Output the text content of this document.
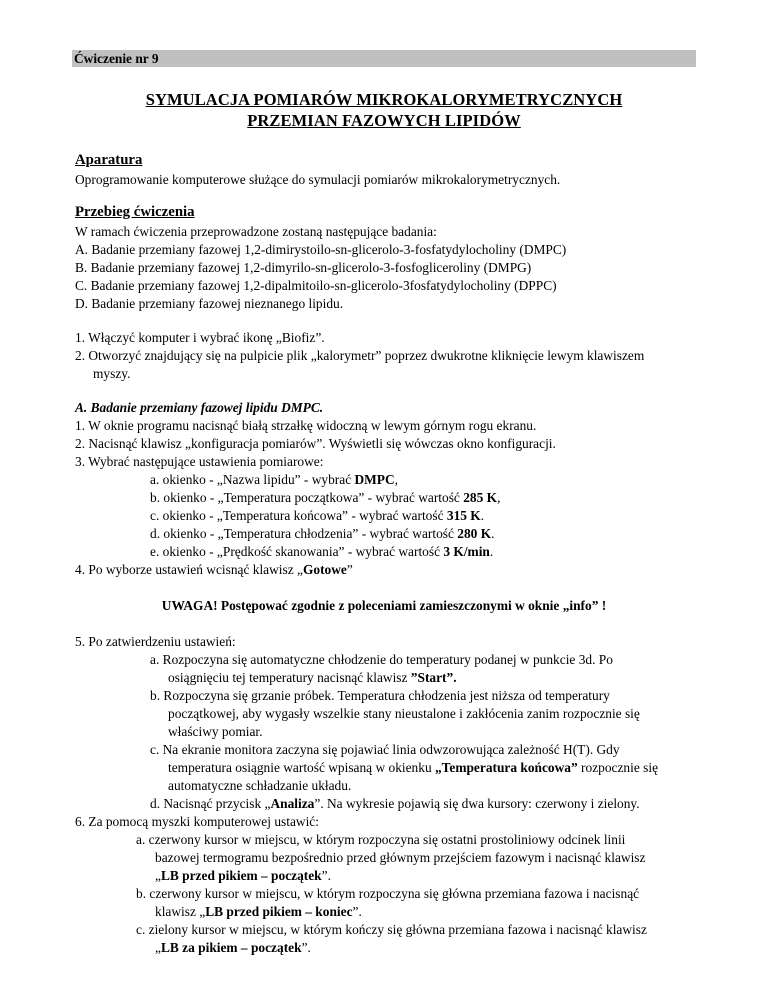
Ćwiczenie nr 9
SYMULACJA POMIARÓW MIKROKALORYMETRYCZNYCH
PRZEMIAN FAZOWYCH LIPIDÓW
Aparatura
Oprogramowanie komputerowe służące do symulacji pomiarów mikrokalorymetrycznych.
Przebieg ćwiczenia
W ramach ćwiczenia przeprowadzone zostaną następujące badania:
A. Badanie przemiany fazowej 1,2-dimirystoilo-sn-glicerolo-3-fosfatydylocholiny (DMPC)
B. Badanie przemiany fazowej 1,2-dimyrilo-sn-glicerolo-3-fosfoglicerolin​y (DMPG)
C. Badanie przemiany fazowej 1,2-dipalmitoilo-sn-glicerolo-3fosfatydylocholiny (DPPC)
D. Badanie przemiany fazowej nieznanego lipidu.
1. Włączyć komputer i wybrać ikonę „Biofiz”.
2. Otworzyć znajdujący się na pulpicie plik „kalorymetr” poprzez dwukrotne kliknięcie lewym klawiszem
myszy.
A. Badanie przemiany fazowej lipidu DMPC.
1. W oknie programu nacisnąć białą strzałkę widoczną w lewym górnym rogu ekranu.
2. Nacisnąć klawisz „konfiguracja pomiarów”. Wyświetli się wówczas okno konfiguracji.
3. Wybrać następujące ustawienia pomiarowe:
a. okienko - „Nazwa lipidu” - wybrać DMPC,
b. okienko - „Temperatura początkowa” - wybrać wartość 285 K,
c. okienko - „Temperatura końcowa” - wybrać wartość 315 K.
d. okienko - „Temperatura chłodzenia” - wybrać wartość 280 K.
e. okienko - „Prędkość skanowania” - wybrać wartość 3 K/min.
4. Po wyborze ustawień wcisnąć klawisz „Gotowe”
UWAGA! Postępować zgodnie z poleceniami zamieszczonymi w oknie „info” !
5. Po zatwierdzeniu ustawień:
a. Rozpoczyna się automatyczne chłodzenie do temperatury podanej w punkcie 3d. Po
osiągnięciu tej temperatury nacisnąć klawisz ”Start”.
b. Rozpoczyna się grzanie próbek. Temperatura chłodzenia jest niższa od temperatury
początkowej, aby wygasły wszelkie stany nieustalone i zakłócenia zanim rozpocznie się
właściwy pomiar.
c. Na ekranie monitora zaczyna się pojawiać linia odwzorowująca zależność H(T). Gdy
temperatura osiągnie wartość wpisaną w okienku „Temperatura końcowa” rozpocznie się
automatyczne schładzanie układu.
d. Nacisnąć przycisk „Analiza”. Na wykresie pojawią się dwa kursory: czerwony i zielony.
6. Za pomocą myszki komputerowej ustawić:
a. czerwony kursor w miejscu, w którym rozpoczyna się ostatni prostoliniowy odcinek linii
bazowej termogramu bezpośrednio przed głównym przejściem fazowym i nacisnąć klawisz
„LB przed pikiem – początek”.
b. czerwony kursor w miejscu, w którym rozpoczyna się główna przemiana fazowa i nacisnąć
klawisz „LB przed pikiem – koniec”.
c. zielony kursor w miejscu, w którym kończy się główna przemiana fazowa i nacisnąć klawisz
„LB za pikiem – początek”.
